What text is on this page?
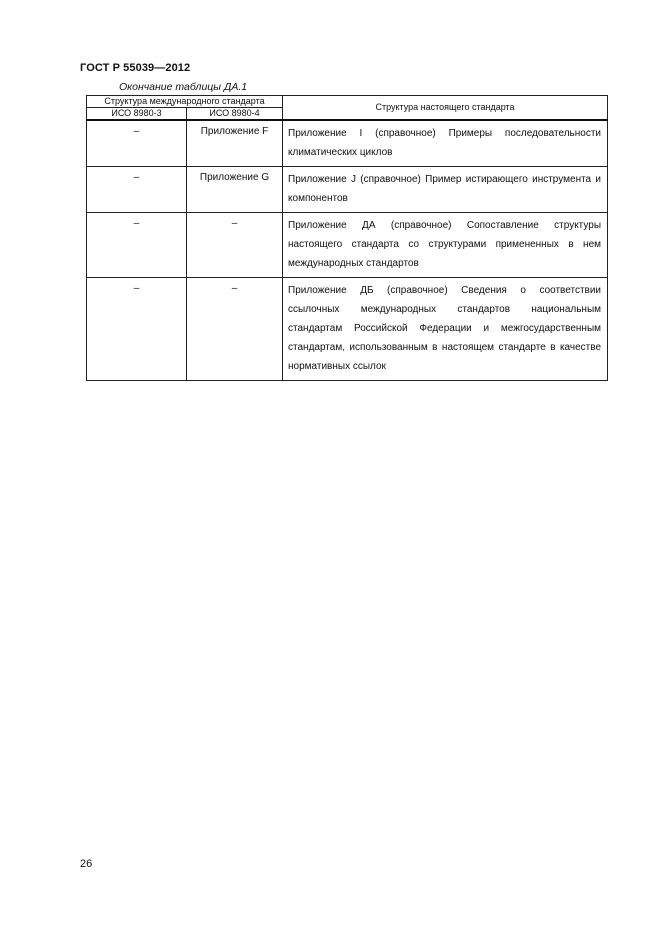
ГОСТ Р 55039—2012
Окончание таблицы ДА.1
Структура международного стандарта		Структура настоящего стандарта
ИСО 8980-3	ИСО 8980-4	
–	Приложение F	Приложение I (справочное) Примеры последовательности климатических циклов
–	Приложение G	Приложение J (справочное) Пример истирающего инструмента и компонентов
–	–	Приложение ДА (справочное) Сопоставление структуры настоящего стандарта со структурами примененных в нем международных стандартов
–	–	Приложение ДБ (справочное) Сведения о соответствии ссылочных международных стандартов национальным стандартам Российской Федерации и межгосударственным стандартам, использованным в настоящем стандарте в качестве нормативных ссылок
26
